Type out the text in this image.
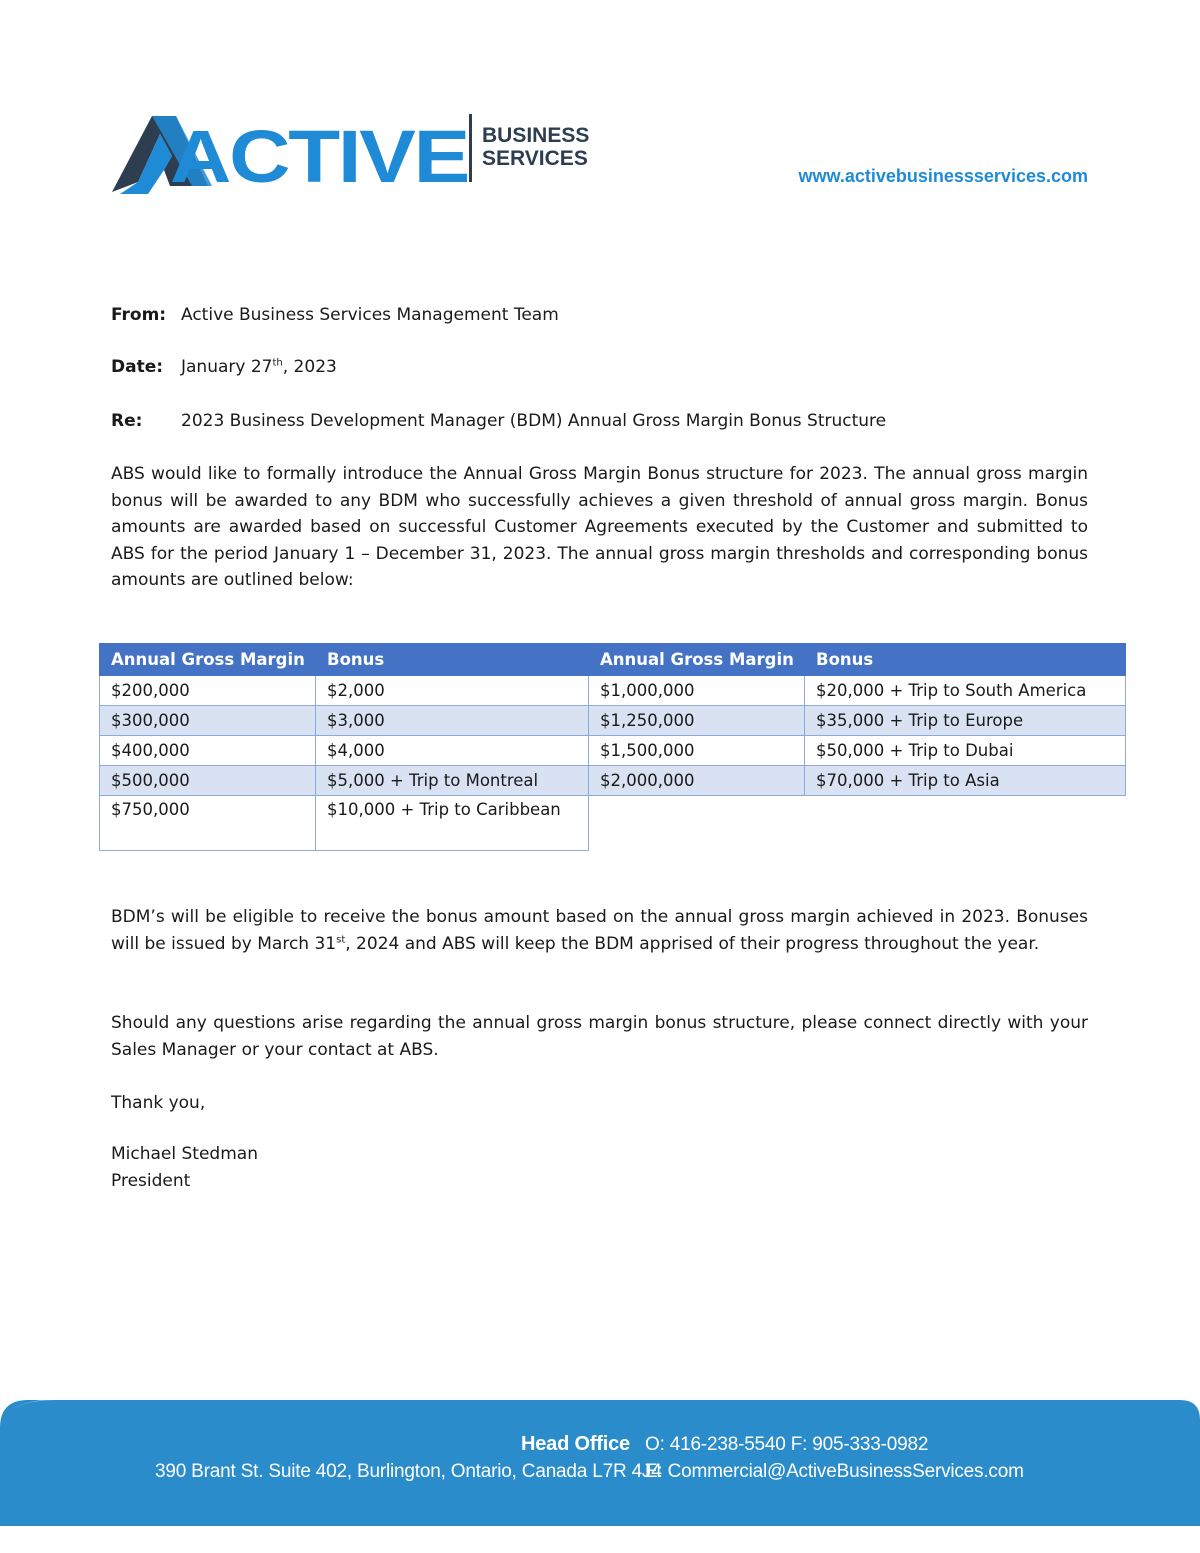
ACTIVE BUSINESS
SERVICES
www.activebusinessservices.com
From: Active Business Services Management Team
Date: January 27th, 2023
Re: 2023 Business Development Manager (BDM) Annual Gross Margin Bonus Structure

ABS would like to formally introduce the Annual Gross Margin Bonus structure for 2023. The annual gross margin bonus will be awarded to any BDM who successfully achieves a given threshold of annual gross margin. Bonus amounts are awarded based on successful Customer Agreements executed by the Customer and submitted to ABS for the period January 1 – December 31, 2023. The annual gross margin thresholds and corresponding bonus amounts are outlined below:

Annual Gross Margin	Bonus	Annual Gross Margin	Bonus
$200,000	$2,000	$1,000,000	$20,000 + Trip to South America
$300,000	$3,000	$1,250,000	$35,000 + Trip to Europe
$400,000	$4,000	$1,500,000	$50,000 + Trip to Dubai
$500,000	$5,000 + Trip to Montreal	$2,000,000	$70,000 + Trip to Asia
$750,000	$10,000 + Trip to Caribbean		

BDM’s will be eligible to receive the bonus amount based on the annual gross margin achieved in 2023. Bonuses will be issued by March 31st, 2024 and ABS will keep the BDM apprised of their progress throughout the year.

Should any questions arise regarding the annual gross margin bonus structure, please connect directly with your Sales Manager or your contact at ABS.

Thank you,
Michael Stedman
President
Head Office O: 416-238-5540 F: 905-333-0982
390 Brant St. Suite 402, Burlington, Ontario, Canada L7R 4J4
E: Commercial@ActiveBusinessServices.com
